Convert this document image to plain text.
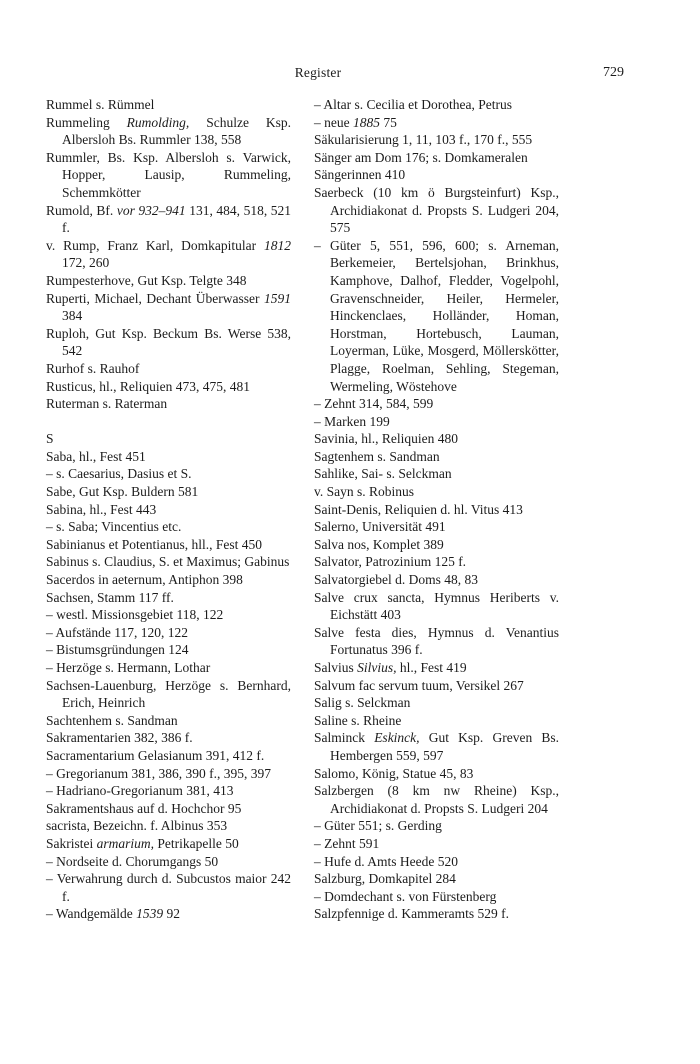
Register	729
Rummel s. Rümmel
Rummeling Rumolding, Schulze Ksp. Albersloh Bs. Rummler 138, 558
Rummler, Bs. Ksp. Albersloh s. Varwick, Hopper, Lausip, Rummeling, Schemmkötter
Rumold, Bf. vor 932–941 131, 484, 518, 521 f.
v. Rump, Franz Karl, Domkapitular 1812 172, 260
Rumpesterhove, Gut Ksp. Telgte 348
Ruperti, Michael, Dechant Überwasser 1591 384
Ruploh, Gut Ksp. Beckum Bs. Werse 538, 542
Rurhof s. Rauhof
Rusticus, hl., Reliquien 473, 475, 481
Ruterman s. Raterman
S
Saba, hl., Fest 451
– s. Caesarius, Dasius et S.
Sabe, Gut Ksp. Buldern 581
Sabina, hl., Fest 443
– s. Saba; Vincentius etc.
Sabinianus et Potentianus, hll., Fest 450
Sabinus s. Claudius, S. et Maximus; Gabinus
Sacerdos in aeternum, Antiphon 398
Sachsen, Stamm 117 ff.
– westl. Missionsgebiet 118, 122
– Aufstände 117, 120, 122
– Bistumsgründungen 124
– Herzöge s. Hermann, Lothar
Sachsen-Lauenburg, Herzöge s. Bernhard, Erich, Heinrich
Sachtenhem s. Sandman
Sakramentarien 382, 386 f.
Sacramentarium Gelasianum 391, 412 f.
– Gregorianum 381, 386, 390 f., 395, 397
– Hadriano-Gregorianum 381, 413
Sakramentshaus auf d. Hochchor 95
sacrista, Bezeichn. f. Albinus 353
Sakristei armarium, Petrikapelle 50
– Nordseite d. Chorumgangs 50
– Verwahrung durch d. Subcustos maior 242 f.
– Wandgemälde 1539 92
– Altar s. Cecilia et Dorothea, Petrus
– neue 1885 75
Säkularisierung 1, 11, 103 f., 170 f., 555
Sänger am Dom 176; s. Domkameralen
Sängerinnen 410
Saerbeck (10 km ö Burgsteinfurt) Ksp., Archidiakonat d. Propsts S. Ludgeri 204, 575
– Güter 5, 551, 596, 600; s. Arneman, Berkemeier, Bertelsjohan, Brinkhus, Kamphove, Dalhof, Fledder, Vogelpohl, Gravenschneider, Heiler, Hermeler, Hinckenclaes, Holländer, Homan, Horstman, Hortebusch, Lauman, Loyerman, Lüke, Mosgerd, Möllerskötter, Plagge, Roelman, Sehling, Stegeman, Wermeling, Wöstehove
– Zehnt 314, 584, 599
– Marken 199
Savinia, hl., Reliquien 480
Sagtenhem s. Sandman
Sahlike, Sai- s. Selckman
v. Sayn s. Robinus
Saint-Denis, Reliquien d. hl. Vitus 413
Salerno, Universität 491
Salva nos, Komplet 389
Salvator, Patrozinium 125 f.
Salvatorgiebel d. Doms 48, 83
Salve crux sancta, Hymnus Heriberts v. Eichstätt 403
Salve festa dies, Hymnus d. Venantius Fortunatus 396 f.
Salvius Silvius, hl., Fest 419
Salvum fac servum tuum, Versikel 267
Salig s. Selckman
Saline s. Rheine
Salminck Eskinck, Gut Ksp. Greven Bs. Hembergen 559, 597
Salomo, König, Statue 45, 83
Salzbergen (8 km nw Rheine) Ksp., Archidiakonat d. Propsts S. Ludgeri 204
– Güter 551; s. Gerding
– Zehnt 591
– Hufe d. Amts Heede 520
Salzburg, Domkapitel 284
– Domdechant s. von Fürstenberg
Salzpfennige d. Kammeramts 529 f.
